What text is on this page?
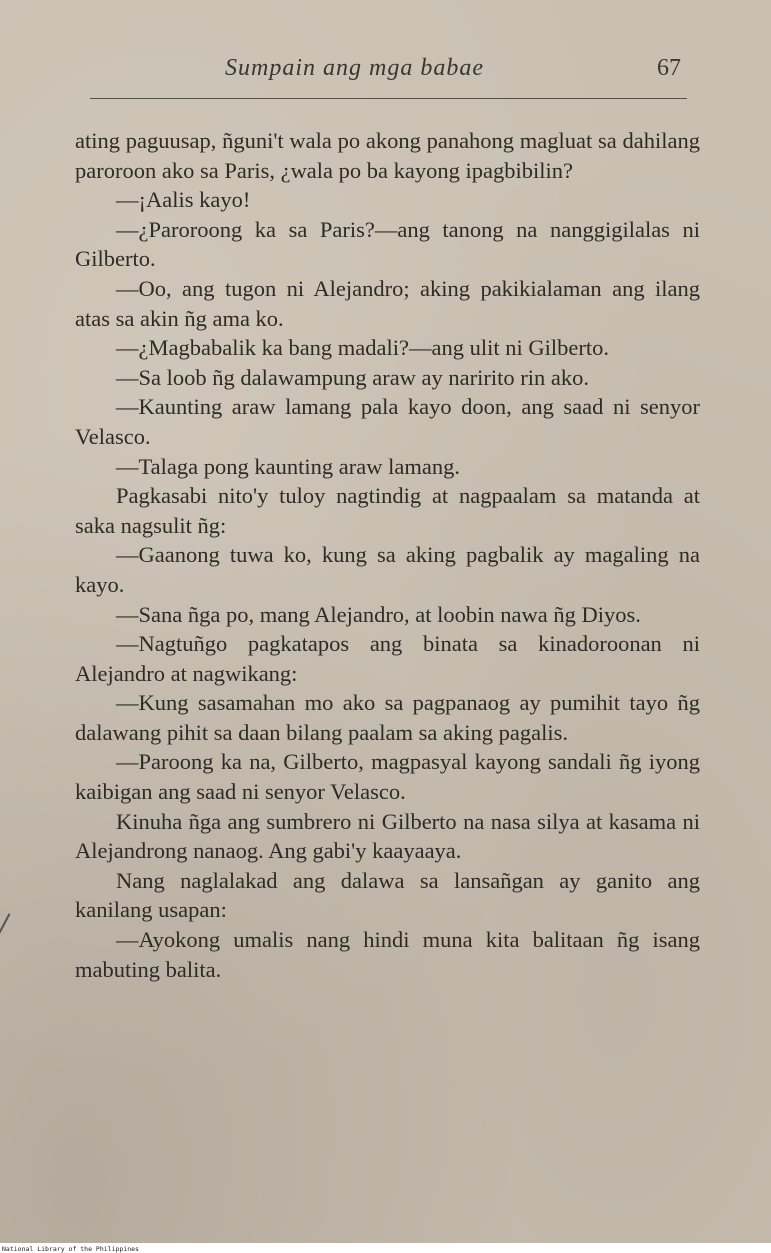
Sumpain ang mga babae	67

ating paguusap, ñguni't wala po akong panahong magluat sa dahilang paroroon ako sa Paris, ¿wala po ba kayong ipagbibilin?

—¡Aalis kayo!

—¿Paroroong ka sa Paris?—ang tanong na nanggigilalas ni Gilberto.

—Oo, ang tugon ni Alejandro; aking pakikialaman ang ilang atas sa akin ñg ama ko.

—¿Magbabalik ka bang madali?—ang ulit ni Gilberto.

—Sa loob ñg dalawampung araw ay naririto rin ako.

—Kaunting araw lamang pala kayo doon, ang saad ni senyor Velasco.

—Talaga pong kaunting araw lamang.

Pagkasabi nito'y tuloy nagtindig at nagpaalam sa matanda at saka nagsulit ñg:

—Gaanong tuwa ko, kung sa aking pagbalik ay magaling na kayo.

—Sana ñga po, mang Alejandro, at loobin nawa ñg Diyos.

—Nagtuñgo pagkatapos ang binata sa kinadoroonan ni Alejandro at nagwikang:

—Kung sasamahan mo ako sa pagpanaog ay pumihit tayo ñg dalawang pihit sa daan bilang paalam sa aking pagalis.

—Paroong ka na, Gilberto, magpasyal kayong sandali ñg iyong kaibigan ang saad ni senyor Velasco.

Kinuha ñga ang sumbrero ni Gilberto na nasa silya at kasama ni Alejandrong nanaog. Ang gabi'y kaayaaya.

Nang naglalakad ang dalawa sa lansañgan ay ganito ang kanilang usapan:

—Ayokong umalis nang hindi muna kita balitaan ñg isang mabuting balita.

National Library of the Philippines
